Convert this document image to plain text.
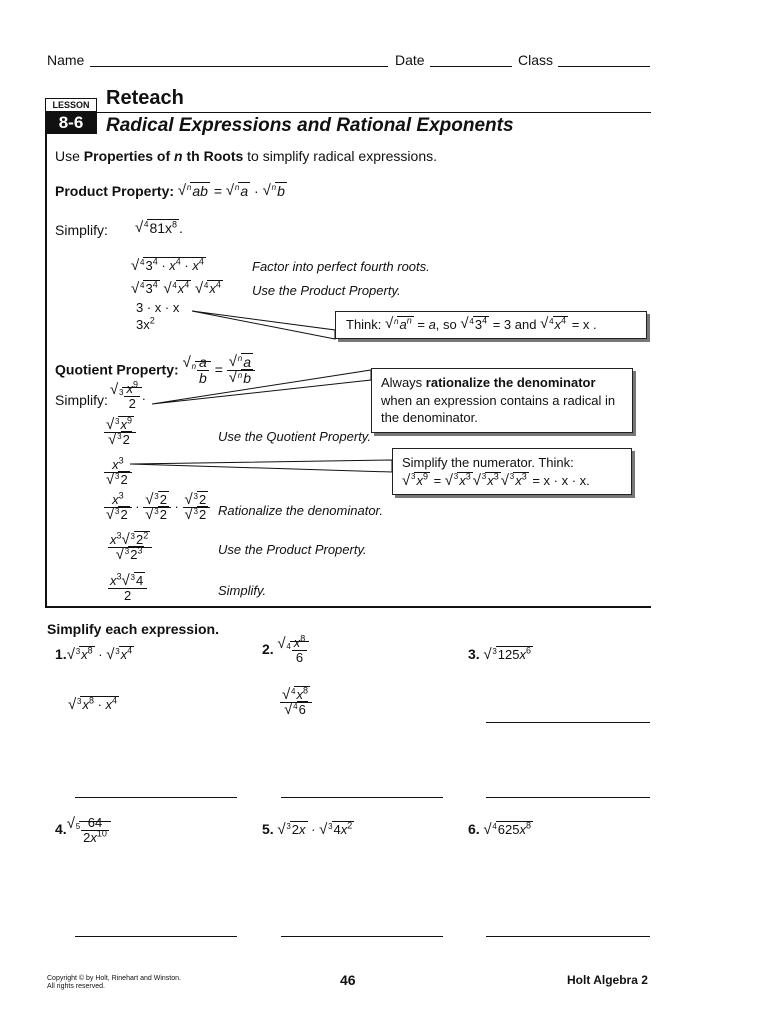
Name	Date	Class
LESSON
8-6
Reteach
Radical Expressions and Rational Exponents
Use Properties of n th Roots to simplify radical expressions.
Product Property: √ $^n$ab = √ $^n$a · √ $^n$b
Simplify:
√	$^481x^8$ .
√ $^43^4 \cdot x^4 \cdot x^4$	Factor into perfect fourth roots.
√ $^43^4$ √ $^4x^4$ √ $^4x^4$ Use the Product Property.
3 · x · x
$3x^2$	Think: √ $^na^n = a$, so √ $^43^4 = 3$ and √ $^4x^4 = x$ .
Quotient Property: √ $^n \frac{a}{b}$ =
√ $^n$a
√ $^n$b
Simplify:
√	$^3 \frac{x^9}{2}$ .
Always rationalize the denominator when an expression contains a radical in the denominator.
√ $^3x^9$
√ $^3$2	Use the Quotient Property.
$x^3$
√ $^3$2	Simplify the numerator. Think:
√ $^3x^9$ = √ $^3x^3√$ $^3x^3√$ $^3x^3 = x \cdot x \cdot x$.
$x^3$
√ $^3$2 ·
√ $^3$2
√ $^3$2 ·
√ $^3$2
√ $^3$2 Rationalize the denominator.
$x^3√$ $^32^2$
√ $^32^3$	Use the Product Property.
$\frac{x^3√ ^34}{2}$	Simplify.
Simplify each expression.
1.√ $^3x^8$ · √ $^3x^4$
√ $^3x^8 \cdot x^4$
2. √ $^4 \frac{x^8}{6}$
√ $^4x^8$
√ $^4$6
3. √ $^3125x^6$
4.√ $^5 \frac{64}{2x^{10}}$	5. √ $^3$2x · √ $^34x^2$	6. √ $^4625x^8$
Copyright © by Holt, Rinehart and Winston.
All rights reserved.	46	Holt Algebra 2
